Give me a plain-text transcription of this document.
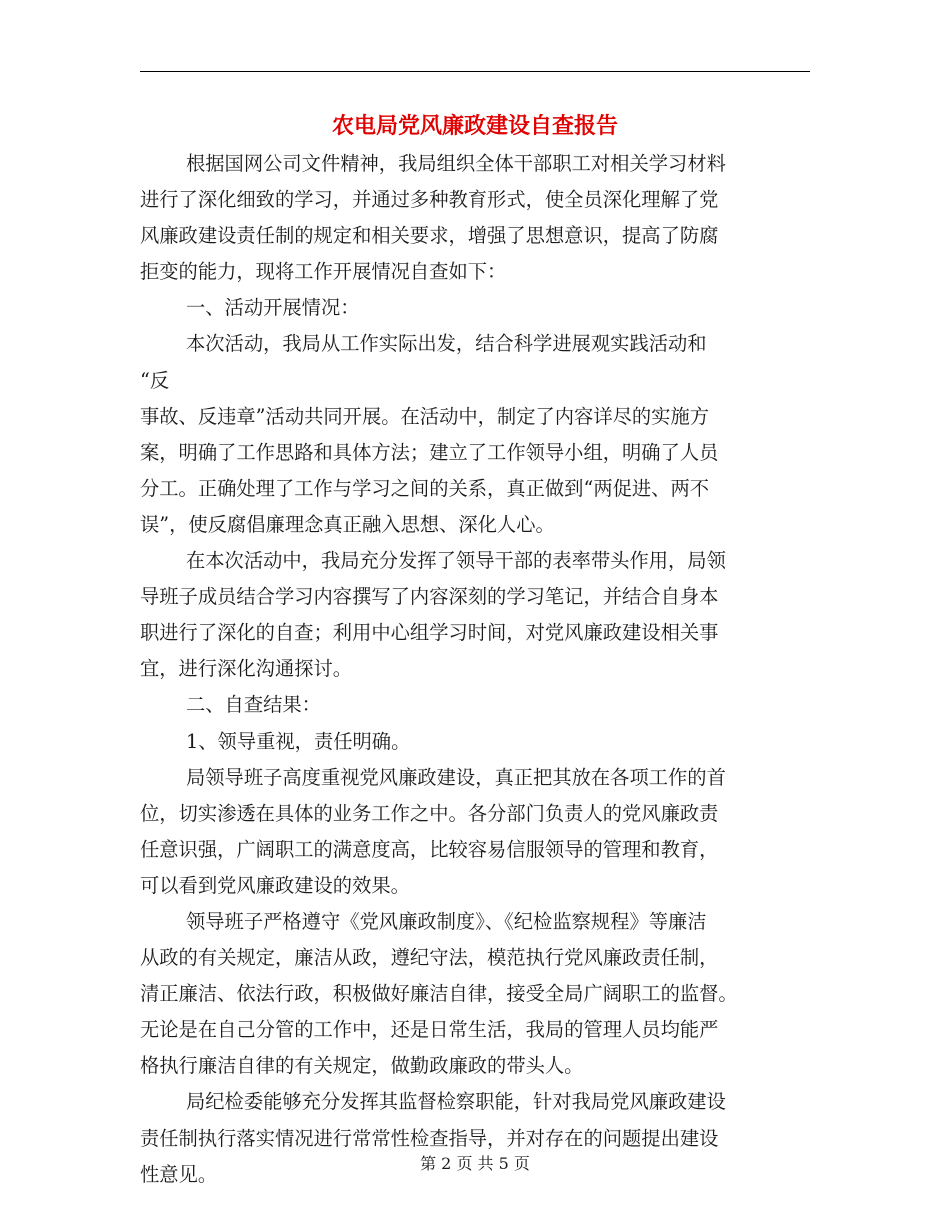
农电局党风廉政建设自查报告
根据国网公司文件精神，我局组织全体干部职工对相关学习材料
进行了深化细致的学习，并通过多种教育形式，使全员深化理解了党
风廉政建设责任制的规定和相关要求，增强了思想意识，提高了防腐
拒变的能力，现将工作开展情况自查如下：
一、活动开展情况：
本次活动，我局从工作实际出发，结合科学进展观实践活动和
“反
事故、反违章”活动共同开展。在活动中，制定了内容详尽的实施方
案，明确了工作思路和具体方法；建立了工作领导小组，明确了人员
分工。正确处理了工作与学习之间的关系，真正做到“两促进、两不
误”，使反腐倡廉理念真正融入思想、深化人心。
在本次活动中，我局充分发挥了领导干部的表率带头作用，局领
导班子成员结合学习内容撰写了内容深刻的学习笔记，并结合自身本
职进行了深化的自查；利用中心组学习时间，对党风廉政建设相关事
宜，进行深化沟通探讨。
二、自查结果：
1、领导重视，责任明确。
局领导班子高度重视党风廉政建设，真正把其放在各项工作的首
位，切实渗透在具体的业务工作之中。各分部门负责人的党风廉政责
任意识强，广阔职工的满意度高，比较容易信服领导的管理和教育，
可以看到党风廉政建设的效果。
领导班子严格遵守《党风廉政制度》、《纪检监察规程》等廉洁
从政的有关规定，廉洁从政，遵纪守法，模范执行党风廉政责任制，
清正廉洁、依法行政，积极做好廉洁自律，接受全局广阔职工的监督。
无论是在自己分管的工作中，还是日常生活，我局的管理人员均能严
格执行廉洁自律的有关规定，做勤政廉政的带头人。
局纪检委能够充分发挥其监督检察职能，针对我局党风廉政建设
责任制执行落实情况进行常常性检查指导，并对存在的问题提出建设
性意见。	第 2 页 共 5 页
